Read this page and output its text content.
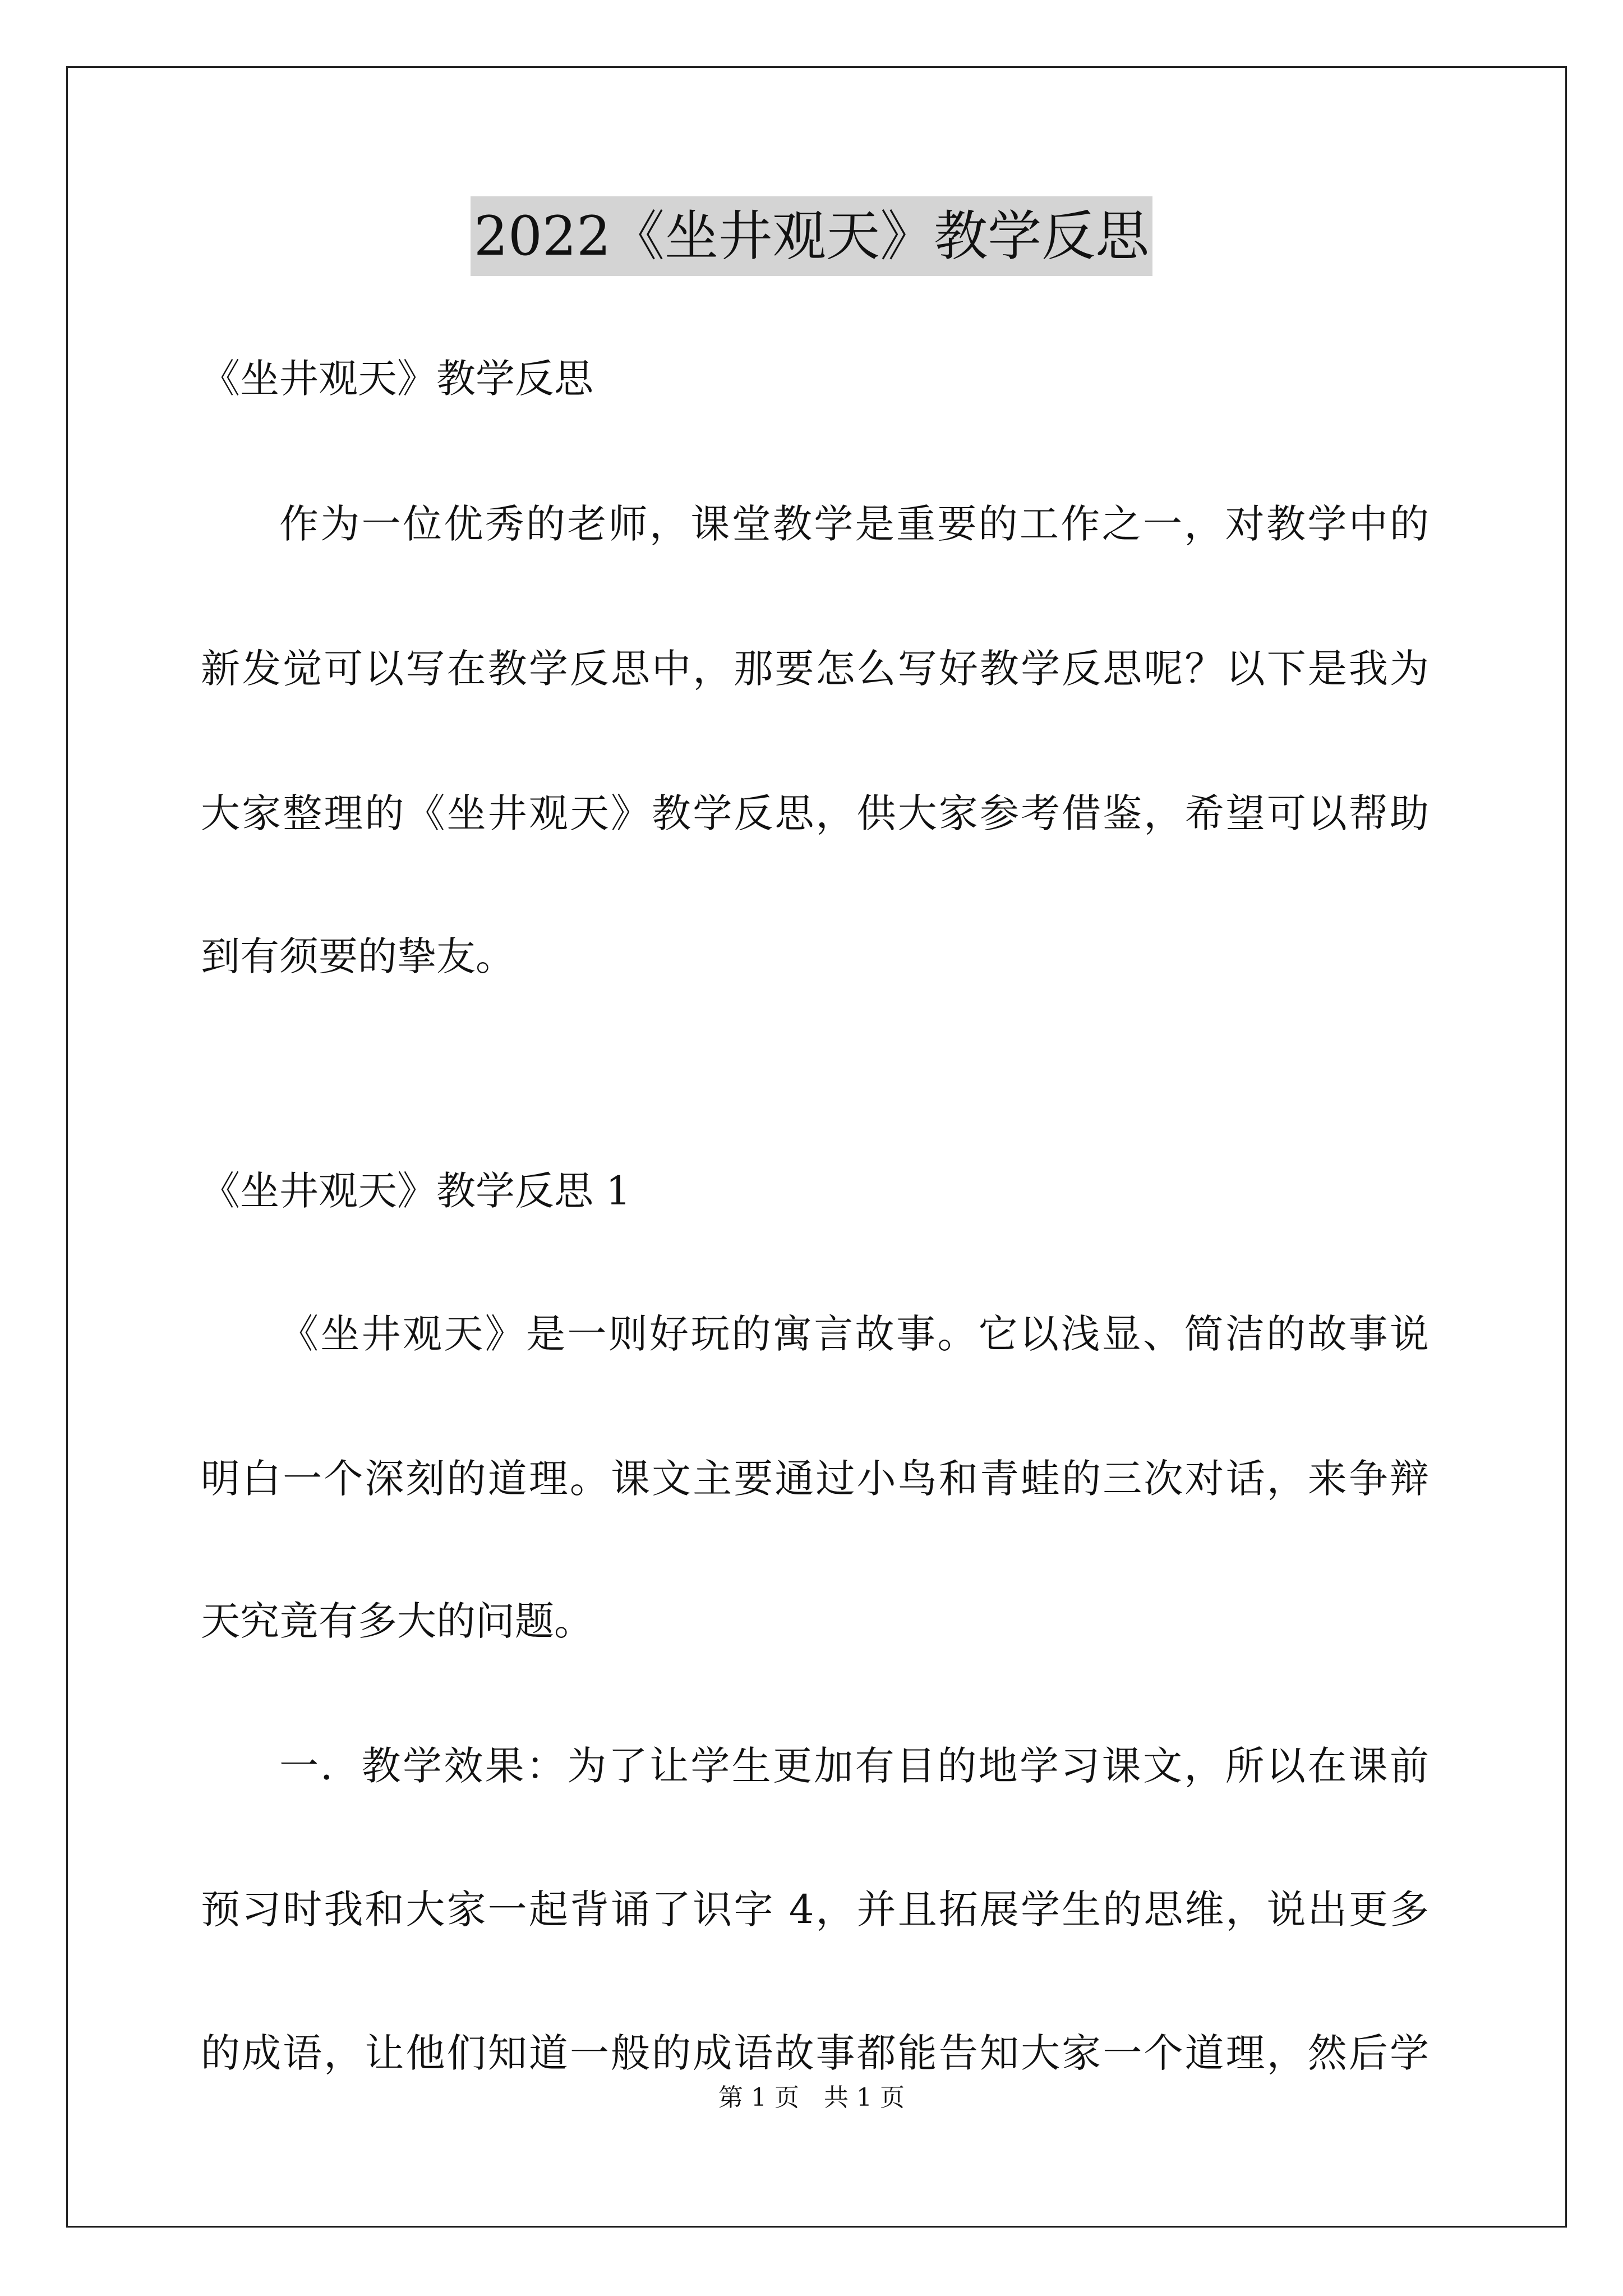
2022《坐井观天》教学反思
《坐井观天》教学反思
作为一位优秀的老师，课堂教学是重要的工作之一，对教学中的
新发觉可以写在教学反思中，那要怎么写好教学反思呢？以下是我为
大家整理的《坐井观天》教学反思，供大家参考借鉴，希望可以帮助
到有须要的挚友。
《坐井观天》教学反思 1
《坐井观天》是一则好玩的寓言故事。它以浅显、简洁的故事说
明白一个深刻的道理。课文主要通过小鸟和青蛙的三次对话，来争辩
天究竟有多大的问题。
一．教学效果：为了让学生更加有目的地学习课文，所以在课前
预习时我和大家一起背诵了识字 4，并且拓展学生的思维，说出更多
的成语，让他们知道一般的成语故事都能告知大家一个道理，然后学
第 1 页　共 1 页
